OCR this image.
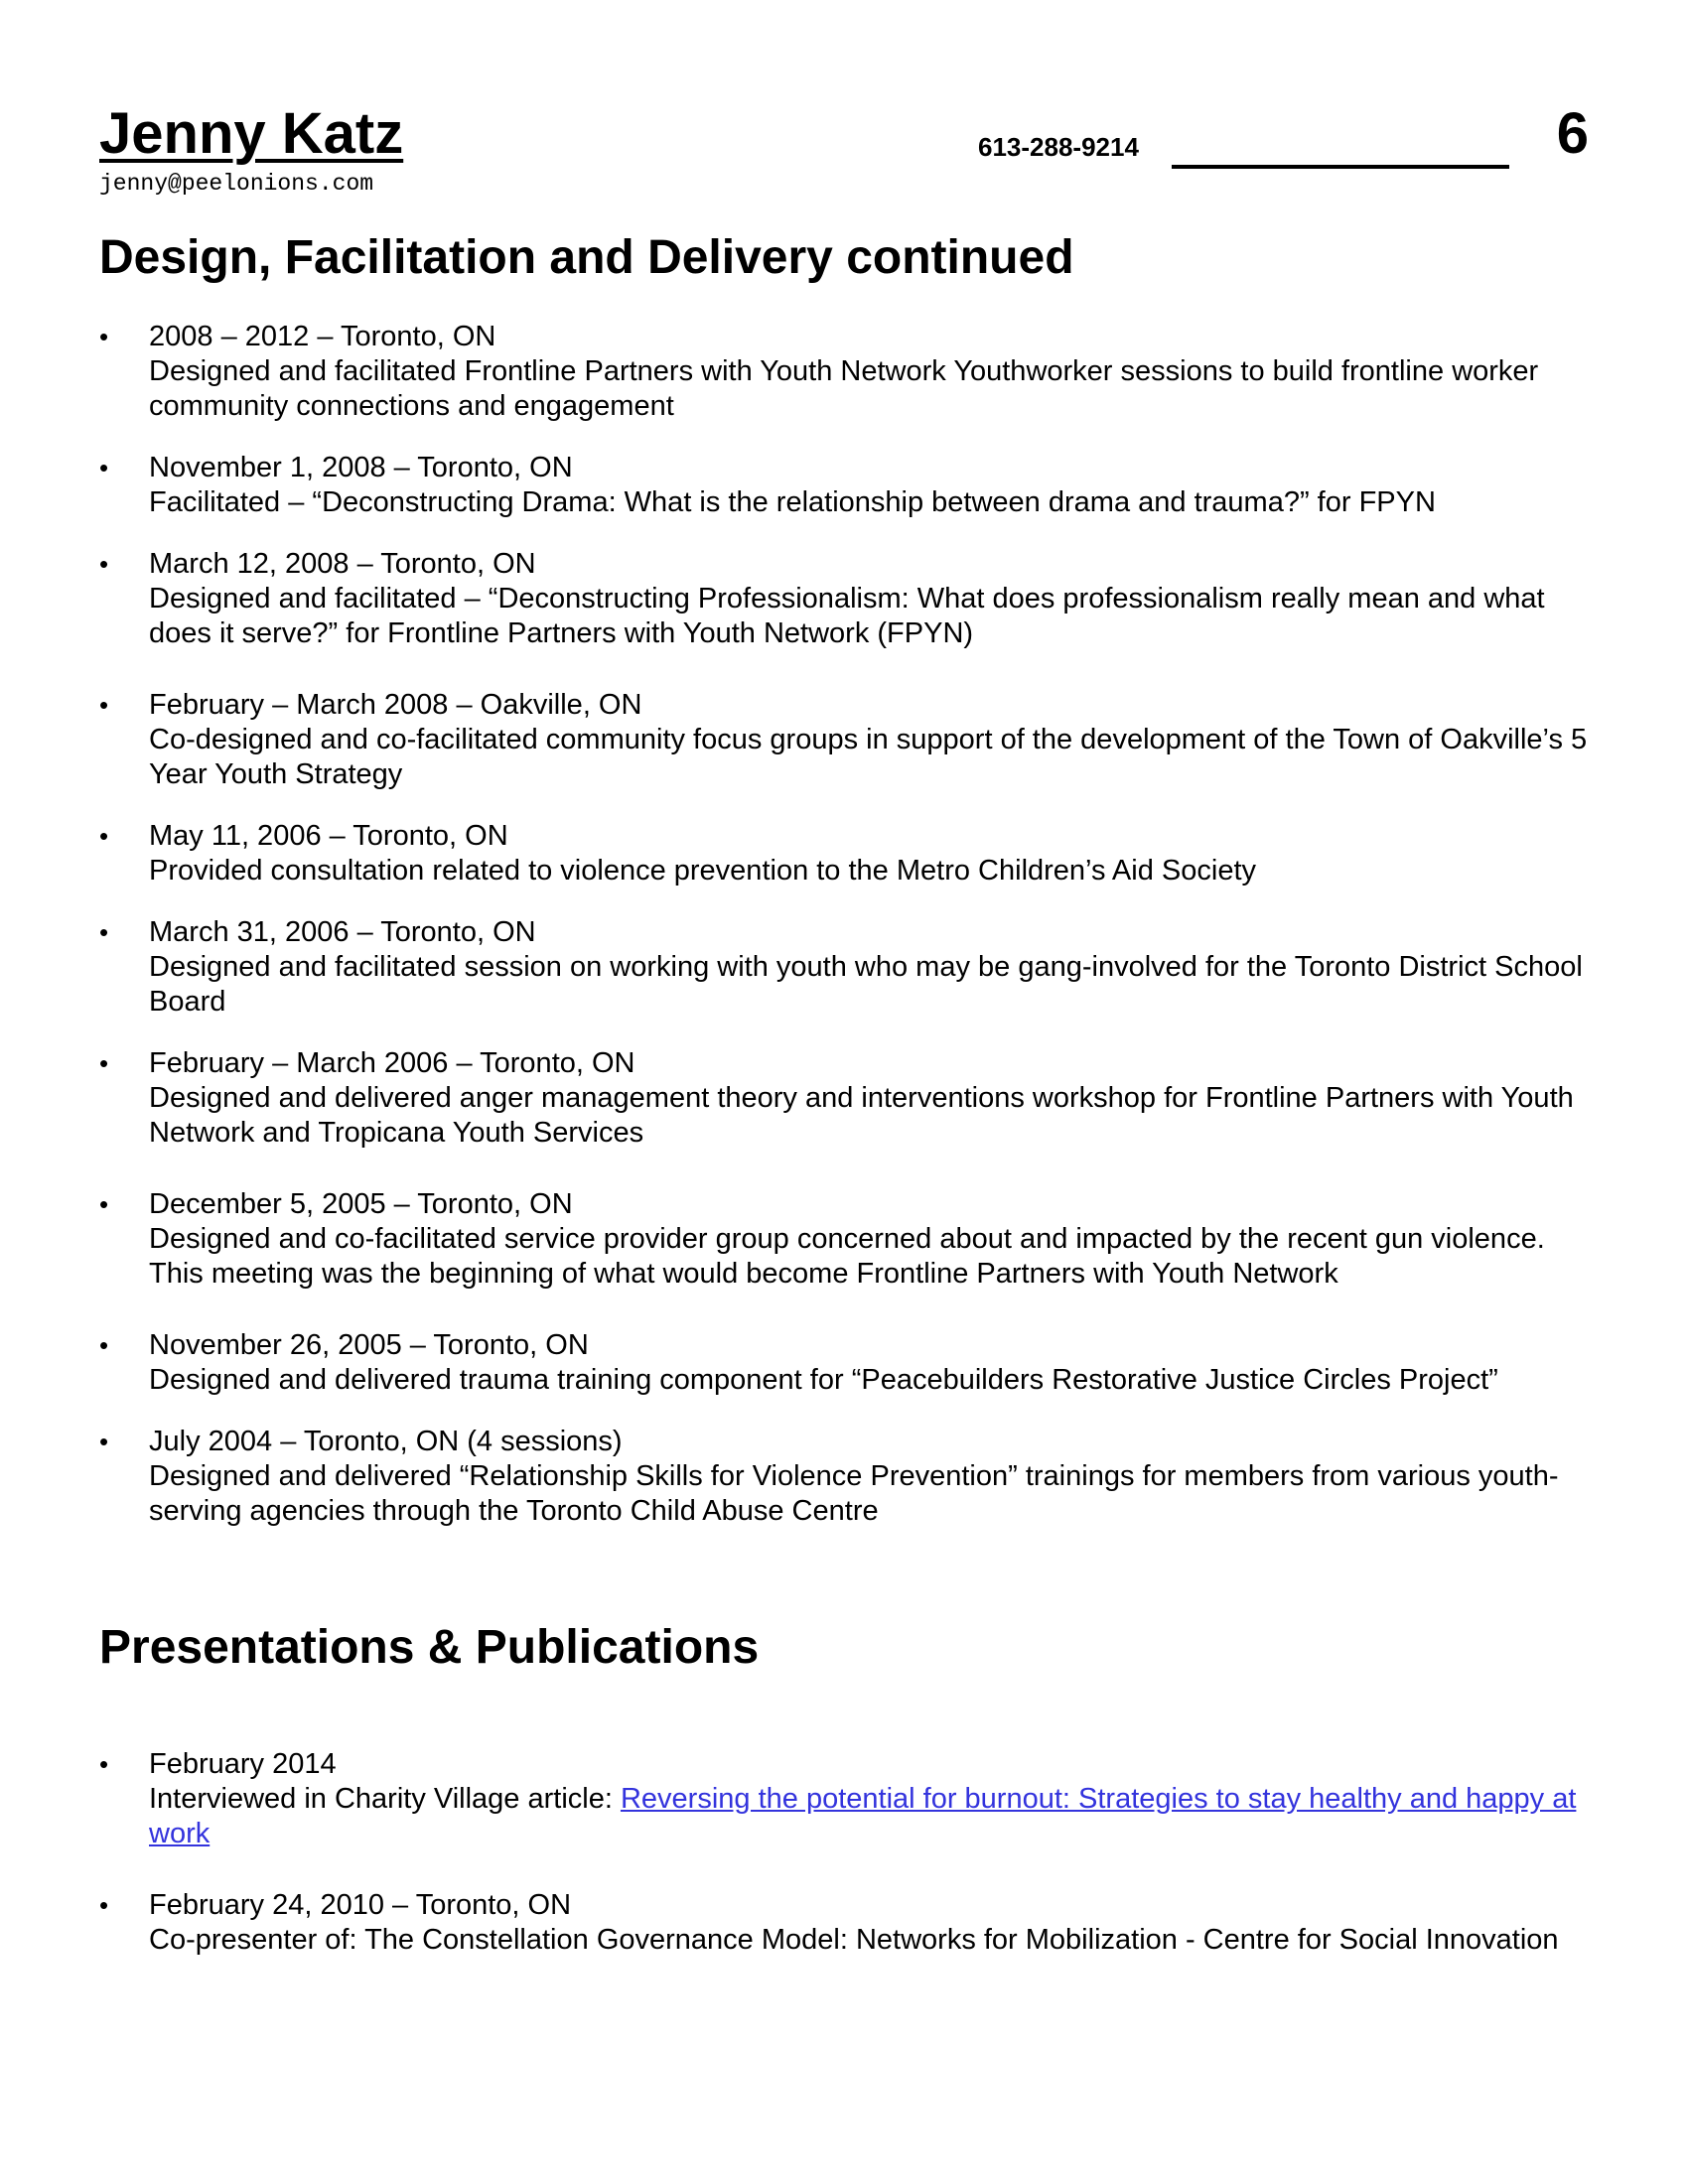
Jenny Katz	613-288-9214	6
jenny@peelonions.com
Design, Facilitation and Delivery continued
•	2008 – 2012 – Toronto, ON
Designed and facilitated Frontline Partners with Youth Network Youthworker sessions to build frontline worker community connections and engagement
•	November 1, 2008 – Toronto, ON
Facilitated – “Deconstructing Drama: What is the relationship between drama and trauma?” for FPYN
•	March 12, 2008 – Toronto, ON
Designed and facilitated – “Deconstructing Professionalism: What does professionalism really mean and what does it serve?” for Frontline Partners with Youth Network (FPYN)
•	February – March 2008 – Oakville, ON
Co-designed and co-facilitated community focus groups in support of the development of the Town of Oakville’s 5 Year Youth Strategy
•	May 11, 2006 – Toronto, ON
Provided consultation related to violence prevention to the Metro Children’s Aid Society
•	March 31, 2006 – Toronto, ON
Designed and facilitated session on working with youth who may be gang-involved for the Toronto District School Board
•	February – March 2006 – Toronto, ON
Designed and delivered anger management theory and interventions workshop for Frontline Partners with Youth Network and Tropicana Youth Services
•	December 5, 2005 – Toronto, ON
Designed and co-facilitated service provider group concerned about and impacted by the recent gun violence. This meeting was the beginning of what would become Frontline Partners with Youth Network
•	November 26, 2005 – Toronto, ON
Designed and delivered trauma training component for “Peacebuilders Restorative Justice Circles Project”
•	July 2004 – Toronto, ON (4 sessions)
Designed and delivered “Relationship Skills for Violence Prevention” trainings for members from various youth-serving agencies through the Toronto Child Abuse Centre
Presentations & Publications
•	February 2014
Interviewed in Charity Village article: Reversing the potential for burnout: Strategies to stay healthy and happy at work
•	February 24, 2010 – Toronto, ON
Co-presenter of: The Constellation Governance Model: Networks for Mobilization - Centre for Social Innovation
